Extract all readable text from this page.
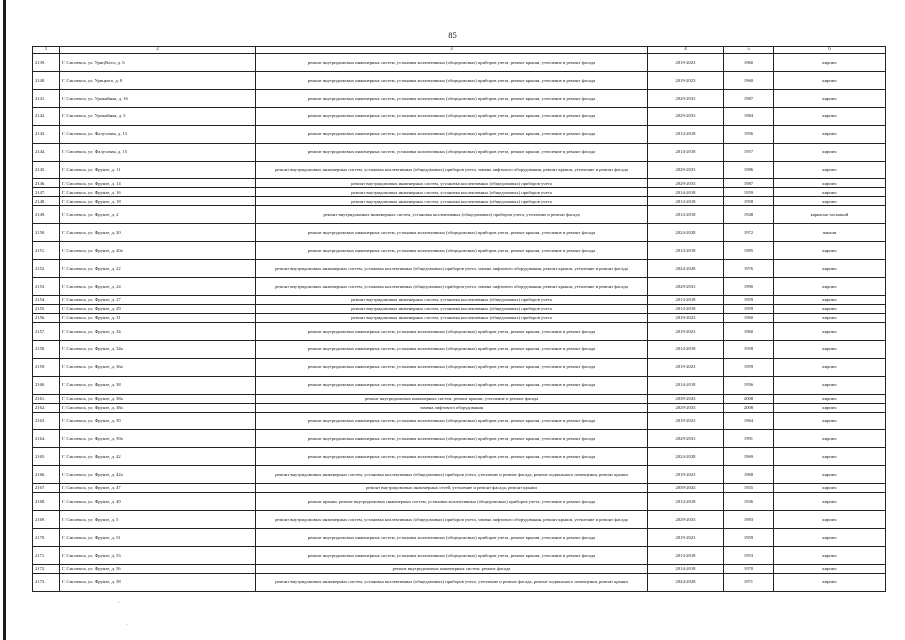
85
1	2	3	4	5	6
2139.	Г. Смоленск, ул. Уриц№ого, д. 6	ремонт внутридомовых инженерных систем, установка коллективных (общедомовых) приборов учета, ремонт крыши, утепление и ремонт фасада	2019-2023	1960	кирпич
2140.	Г. Смоленск, ул. Урицкого, д. 8	ремонт внутридомовых инженерных систем, установка коллективных (общедомовых) приборов учета, ремонт крыши, утепление и ремонт фасада	2019-2023	1960	кирпич
2141.	Г. Смоленск, ул. Урожайная, д. 16	ремонт внутридомовых инженерных систем, установка коллективных (общедомовых) приборов учета, ремонт крыши, утепление и ремонт фасада	2029-2033	1987	кирпич
2142.	Г. Смоленск, ул. Урожайная, д. 5	ремонт внутридомовых инженерных систем, установка коллективных (общедомовых) приборов учета, ремонт крыши, утепление и ремонт фасада	2029-2033	1984	кирпич
2143.	Г. Смоленск, ул. Фалусовая, д. 13	ремонт внутридомовых инженерных систем, установка коллективных (общедомовых) приборов учета, ремонт крыши, утепление и ремонт фасада	2014-2018	1956	кирпич
2144.	Г. Смоленск, ул. Фалусовая, д. 15	ремонт внутридомовых инженерных систем, установка коллективных (общедомовых) приборов учета, ремонт крыши, утепление и ремонт фасада	2014-2018	1957	кирпич
2145.	Г. Смоленск, ул. Фрунзе, д. 11	ремонт внутридомовых инженерных систем, установка коллективных (общедомовых) приборов учета, замена лифтового оборудования, ремонт крыши, утепление и ремонт фасада	2029-2033	1986	кирпич
2146.	Г. Смоленск, ул. Фрунзе, д. 14	ремонт внутридомовых инженерных систем, установка коллективных (общедомовых) приборов учета	2029-2033	1987	кирпич
2147.	Г. Смоленск, ул. Фрунзе, д. 16	ремонт внутридомовых инженерных систем, установка коллективных (общедомовых) приборов учета	2014-2018	1959	кирпич
2148.	Г. Смоленск, ул. Фрунзе, д. 18	ремонт внутридомовых инженерных систем, установка коллективных (общедомовых) приборов учета	2014-2018	1958	кирпич
2149.	Г. Смоленск, ул. Фрунзе, д. 2	ремонт внутридомовых инженерных систем, установка коллективных (общедомовых) приборов учета, утепление и ремонт фасада	2014-2018	1948	каркасно-засыпной
2150.	Г. Смоленск, ул. Фрунзе, д. 20	ремонт внутридомовых инженерных систем, установка коллективных (общедомовых) приборов учета, ремонт крыши, утепление и ремонт фасада	2024-2028	1972	панели
2151.	Г. Смоленск, ул. Фрунзе, д. 20а	ремонт внутридомовых инженерных систем, установка коллективных (общедомовых) приборов учета, ремонт крыши, утепление и ремонт фасада	2014-2018	1985	кирпич
2152.	Г. Смоленск, ул. Фрунзе, д. 22	ремонт внутридомовых инженерных систем, установка коллективных (общедомовых) приборов учета, замена лифтового оборудования, ремонт крыши, утепление и ремонт фасада	2024-2028	1976	кирпич
2153.	Г. Смоленск, ул. Фрунзе, д. 24	ремонт внутридомовых инженерных систем, установка коллективных (общедомовых) приборов учета, замена лифтового оборудования, ремонт крыши, утепление и ремонт фасада	2029-2033	1990	кирпич
2154.	Г. Смоленск, ул. Фрунзе, д. 27	ремонт внутридомовых инженерных систем, установка коллективных (общедомовых) приборов учета	2014-2018	1959	кирпич
2155.	Г. Смоленск, ул. Фрунзе, д. 29	ремонт внутридомовых инженерных систем, установка коллективных (общедомовых) приборов учета	2014-2018	1959	кирпич
2156.	Г. Смоленск, ул. Фрунзе, д. 31	ремонт внутридомовых инженерных систем, установка коллективных (общедомовых) приборов учета	2019-2023	1960	кирпич
2157.	Г. Смоленск, ул. Фрунзе, д. 34	ремонт внутридомовых инженерных систем, установка коллективных (общедомовых) приборов учета, ремонт крыши, утепление и ремонт фасада	2019-2023	1960	кирпич
2158.	Г. Смоленск, ул. Фрунзе, д. 34а	ремонт внутридомовых инженерных систем, установка коллективных (общедомовых) приборов учета, ремонт крыши, утепление и ремонт фасада	2014-2018	1958	кирпич
2159.	Г. Смоленск, ул. Фрунзе, д. 36а	ремонт внутридомовых инженерных систем, установка коллективных (общедомовых) приборов учета, ремонт крыши, утепление и ремонт фасада	2019-2023	1959	кирпич
2160.	Г. Смоленск, ул. Фрунзе, д. 38	ремонт внутридомовых инженерных систем, установка коллективных (общедомовых) приборов учета, ремонт крыши, утепление и ремонт фасада	2014-2018	1956	кирпич
2161.	Г. Смоленск, ул. Фрунзе, д. 38а	ремонт внутридомовых инженерных систем, ремонт крыши, утепление и ремонт фасада	2039-2043	2008	кирпич
2162.	Г. Смоленск, ул. Фрунзе, д. 38а	замена лифтового оборудования	2029-2033	2008	кирпич
2163.	Г. Смоленск, ул. Фрунзе, д. 39	ремонт внутридомовых инженерных систем, установка коллективных (общедомовых) приборов учета, ремонт крыши, утепление и ремонт фасада	2019-2023	1964	кирпич
2164.	Г. Смоленск, ул. Фрунзе, д. 39а	ремонт внутридомовых инженерных систем, установка коллективных (общедомовых) приборов учета, ремонт крыши, утепление и ремонт фасада	2029-2033	1991	кирпич
2165.	Г. Смоленск, ул. Фрунзе, д. 42	ремонт внутридомовых инженерных систем, установка коллективных (общедомовых) приборов учета, ремонт крыши, утепление и ремонт фасада	2024-2028	1969	кирпич
2166.	Г. Смоленск, ул. Фрунзе, д. 42а	ремонт внутридомовых инженерных систем, установка коллективных (общедомовых) приборов учета, утепление и ремонт фасада, ремонт подвального помещения, ремонт крыши	2019-2023	1968	кирпич
2167.	Г. Смоленск, ул. Фрунзе, д. 47	ремонт внутридомовых инженерных сетей, утепление и ремонт фасада, ремонт крыши	2039-2043	1935	кирпич
2168.	Г. Смоленск, ул. Фрунзе, д. 49	ремонт крыши, ремонт внутридомовых инженерных систем, установка коллективных (общедомовых) приборов учета, утепление и ремонт фасада	2014-2018	1936	кирпич
2169.	Г. Смоленск, ул. Фрунзе, д. 5	ремонт внутридомовых инженерных систем, установка коллективных (общедомовых) приборов учета, замена лифтового оборудования, ремонт крыши, утепление и ремонт фасада	2029-2033	1983	кирпич
2170.	Г. Смоленск, ул. Фрунзе, д. 51	ремонт внутридомовых инженерных систем, установка коллективных (общедомовых) приборов учета, ремонт крыши, утепление и ремонт фасада	2019-2023	1959	кирпич
2171.	Г. Смоленск, ул. Фрунзе, д. 53	ремонт внутридомовых инженерных систем, установка коллективных (общедомовых) приборов учета, ремонт крыши, утепление и ремонт фасада	2014-2018	1953	кирпич
2172.	Г. Смоленск, ул. Фрунзе, д. 56	ремонт внутридомовых инженерных систем, ремонт фасада	2014-2018	1970	кирпич
2173.	Г. Смоленск, ул. Фрунзе, д. 58	ремонт внутридомовых инженерных систем, установка коллективных (общедомовых) приборов учета, утепление и ремонт фасада, ремонт подвального помещения, ремонт крыши	2024-2028	1971	кирпич
·
·
